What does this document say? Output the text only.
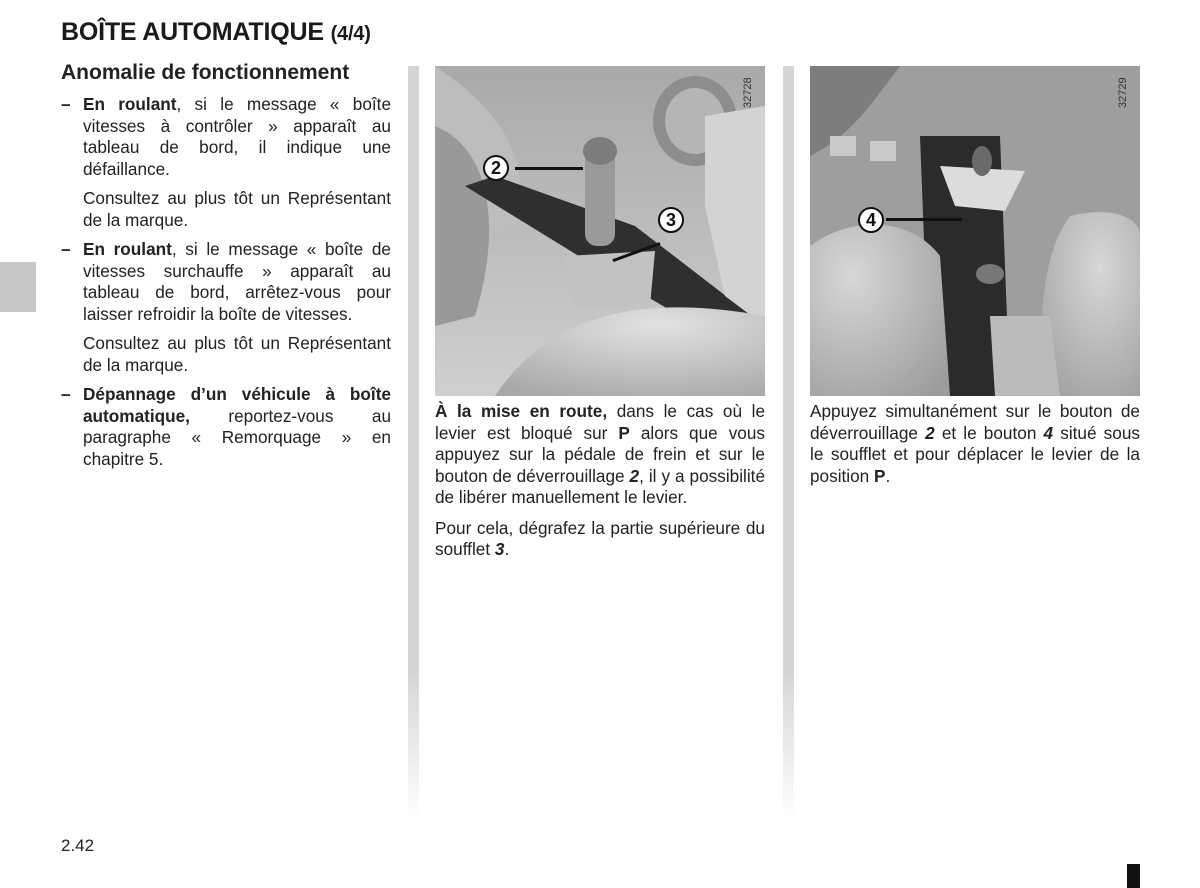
BOÎTE AUTOMATIQUE (4/4)
Anomalie de fonctionnement
– En roulant, si le message « boîte vitesses à contrôler » apparaît au tableau de bord, il indique une défaillance.
Consultez au plus tôt un Représentant de la marque.
– En roulant, si le message « boîte de vitesses surchauffe » apparaît au tableau de bord, arrêtez-vous pour laisser refroidir la boîte de vitesses.
Consultez au plus tôt un Représentant de la marque.
– Dépannage d’un véhicule à boîte automatique, reportez-vous au paragraphe « Remorquage » en chapitre 5.
32728
2
3
32729
4

À la mise en route, dans le cas où le levier est bloqué sur P alors que vous appuyez sur la pédale de frein et sur le bouton de déverrouillage 2, il y a possibilité de libérer manuellement le levier.

Pour cela, dégrafez la partie supérieure du soufflet 3.

Appuyez simultanément sur le bouton de déverrouillage 2 et le bouton 4 situé sous le soufflet et pour déplacer le levier de la position P.

2.42
